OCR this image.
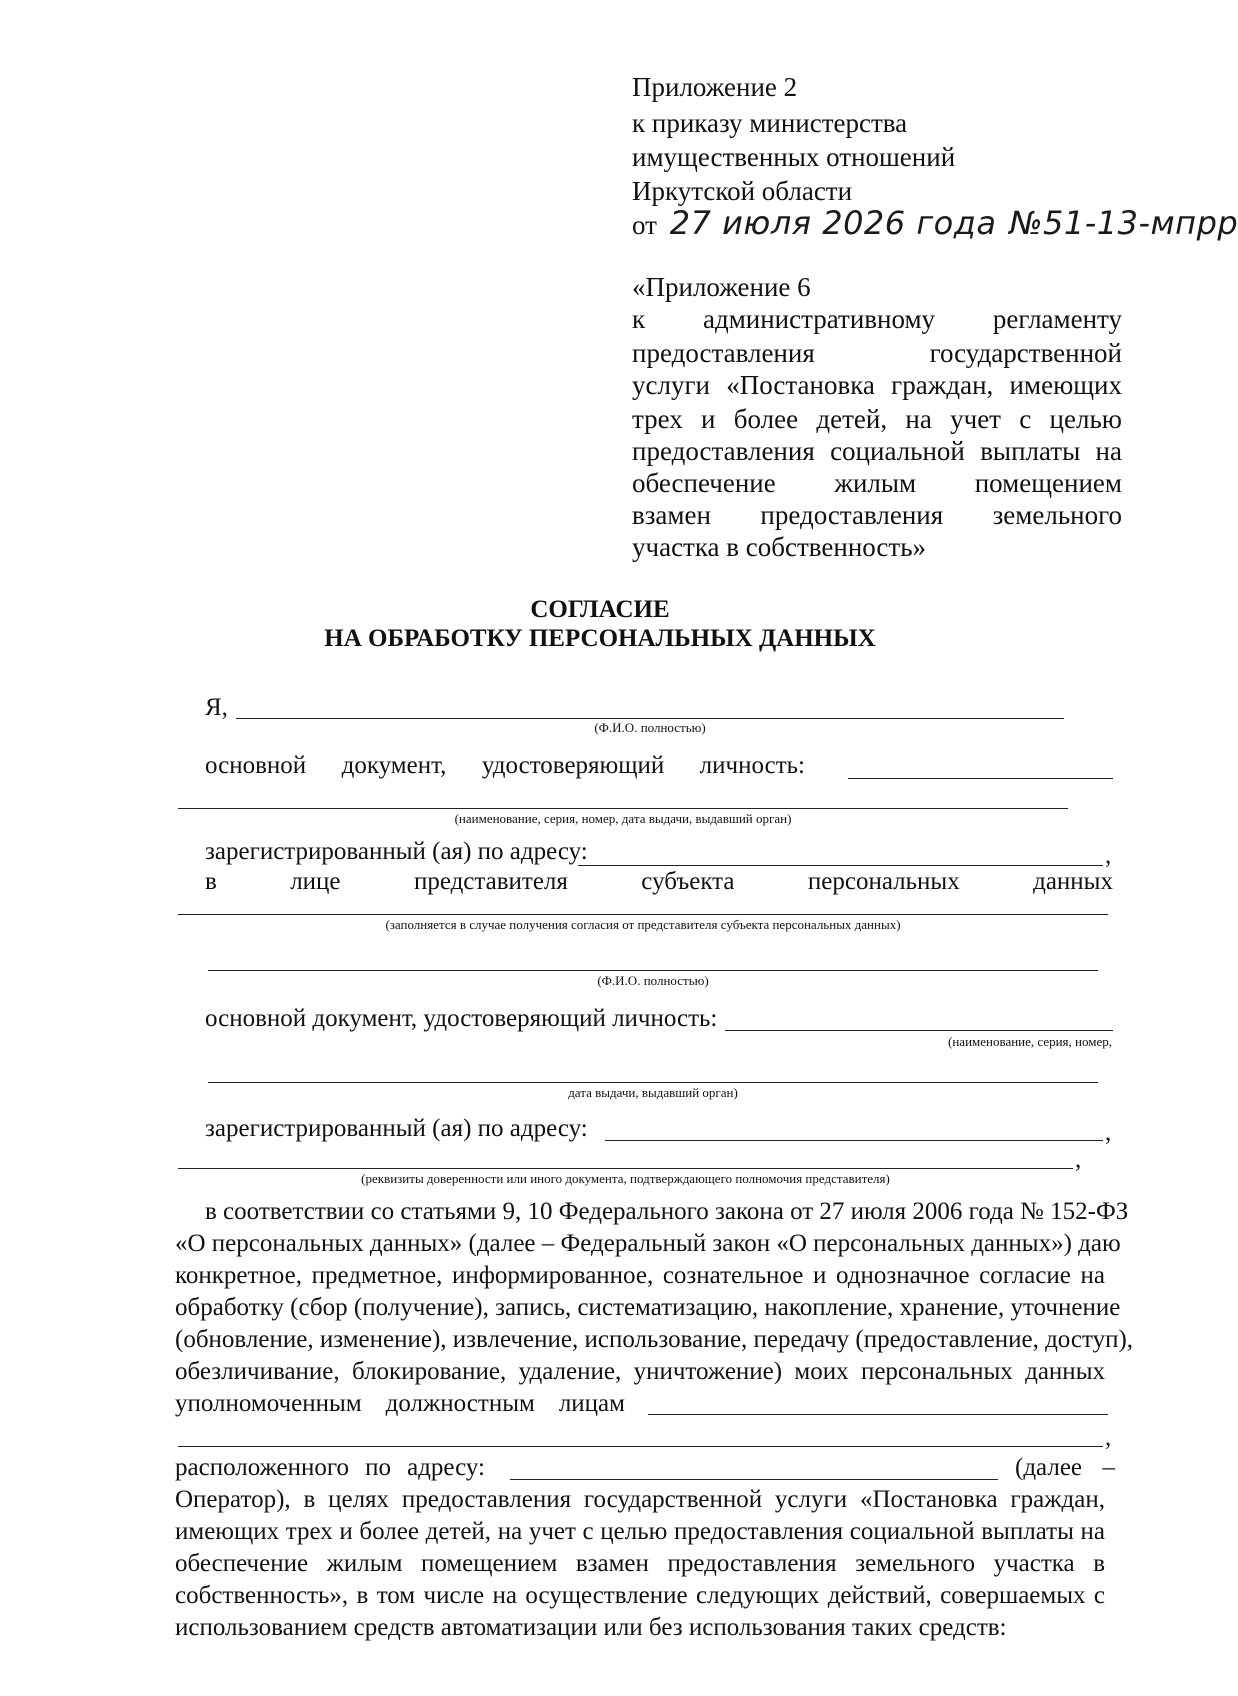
Приложение 2
к приказу министерства
имущественных отношений
Иркутской области
от 27 июля 2026 года №51-13-мпрр
«Приложение 6
к административному регламенту
предоставления	государственной
услуги «Постановка граждан, имеющих
трех и более детей, на учет с целью
предоставления социальной выплаты на
обеспечение жилым помещением
взамен предоставления земельного
участка в собственность»
СОГЛАСИЕ
НА ОБРАБОТКУ ПЕРСОНАЛЬНЫХ ДАННЫХ
Я,
(Ф.И.О. полностью)
основной документ, удостоверяющий личность:
(наименование, серия, номер, дата выдачи, выдавший орган)
зарегистрированный (ая) по адресу:	,
в	лице	представителя	субъекта	персональных	данных
(заполняется в случае получения согласия от представителя субъекта персональных данных)
(Ф.И.О. полностью)
основной документ, удостоверяющий личность:
(наименование, серия, номер,
дата выдачи, выдавший орган)
зарегистрированный (ая) по адресу:	,
,
(реквизиты доверенности или иного документа, подтверждающего полномочия представителя)
в соответствии со статьями 9, 10 Федерального закона от 27 июля 2006 года № 152-ФЗ
«О персональных данных» (далее – Федеральный закон «О персональных данных») даю
конкретное, предметное, информированное, сознательное и однозначное согласие на
обработку (сбор (получение), запись, систематизацию, накопление, хранение, уточнение
(обновление, изменение), извлечение, использование, передачу (предоставление, доступ),
обезличивание, блокирование, удаление, уничтожение) моих персональных данных
уполномоченным должностным лицам
,
расположенного по адресу:	(далее –
Оператор), в целях предоставления государственной услуги «Постановка граждан,
имеющих трех и более детей, на учет с целью предоставления социальной выплаты на
обеспечение жилым помещением взамен предоставления земельного участка в
собственность», в том числе на осуществление следующих действий, совершаемых с
использованием средств автоматизации или без использования таких средств:
